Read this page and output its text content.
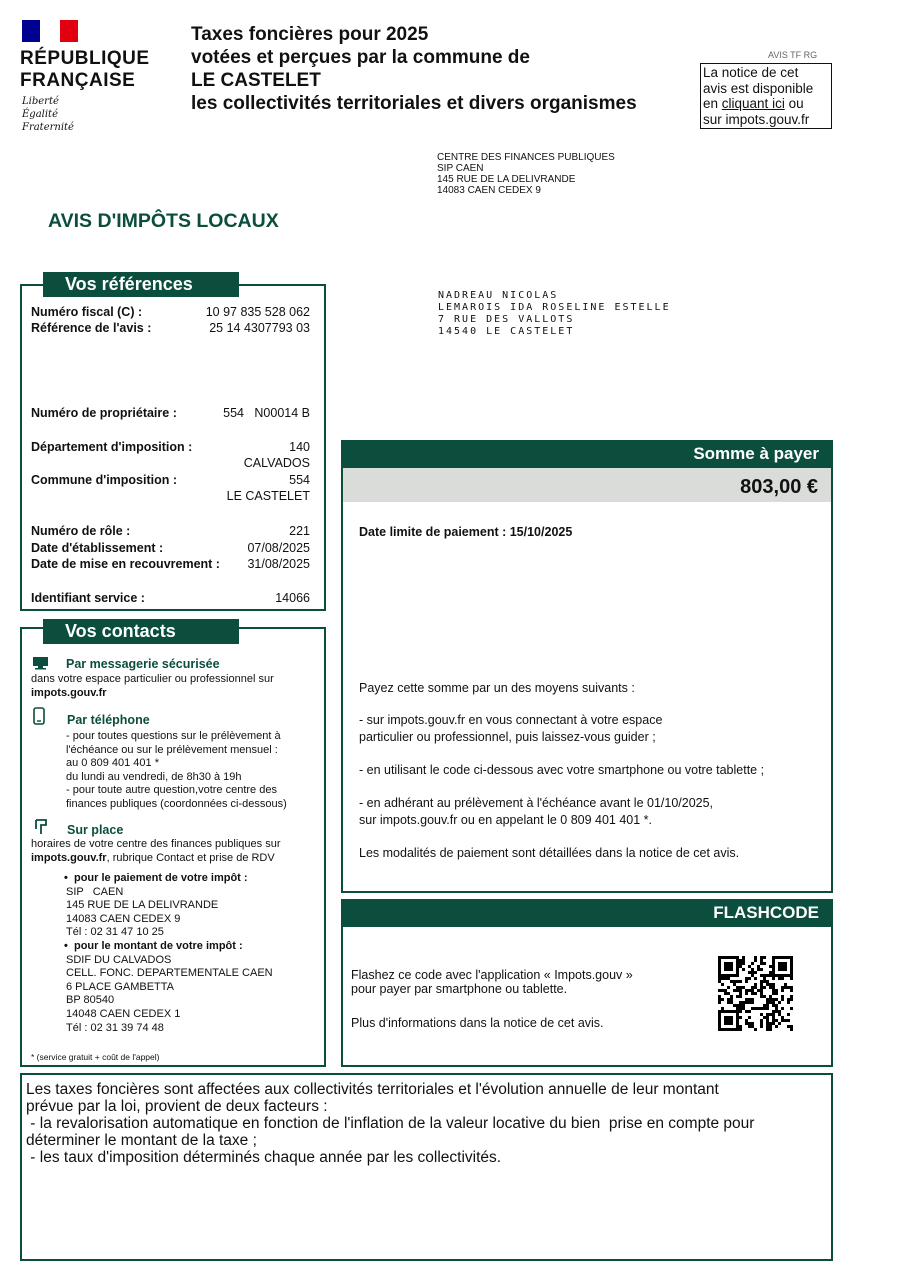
RÉPUBLIQUE
FRANÇAISE
Liberté
Égalité
Fraternité
Taxes foncières pour 2025
votées et perçues par la commune de
LE CASTELET
les collectivités territoriales et divers organismes
AVIS TF RG
La notice de cet
avis est disponible
en cliquant ici ou
sur impots.gouv.fr
CENTRE DES FINANCES PUBLIQUES
SIP CAEN
145 RUE DE LA DELIVRANDE
14083 CAEN CEDEX 9
AVIS D'IMPÔTS LOCAUX
NADREAU NICOLAS
LEMAROIS IDA ROSELINE ESTELLE
7 RUE DES VALLOTS
14540 LE CASTELET
Vos références
Numéro fiscal (C) :	10 97 835 528 062
Référence de l'avis :	25 14 4307793 03
Numéro de propriétaire :	554   N00014 B
Département d'imposition :	140
CALVADOS
Commune d'imposition :	554
LE CASTELET
Numéro de rôle :	221
Date d'établissement :	07/08/2025
Date de mise en recouvrement : 31/08/2025
Identifiant service :	14066
Vos contacts
Par messagerie sécurisée
dans votre espace particulier ou professionnel sur
impots.gouv.fr
Par téléphone
- pour toutes questions sur le prélèvement à
l'échéance ou sur le prélèvement mensuel :
au 0 809 401 401 *
du lundi au vendredi, de 8h30 à 19h
- pour toute autre question,votre centre des
finances publiques (coordonnées ci-dessous)
Sur place
horaires de votre centre des finances publiques sur
impots.gouv.fr, rubrique Contact et prise de RDV
•  pour le paiement de votre impôt :
SIP   CAEN
145 RUE DE LA DELIVRANDE
14083 CAEN CEDEX 9
Tél : 02 31 47 10 25
•  pour le montant de votre impôt :
SDIF DU CALVADOS
CELL. FONC. DEPARTEMENTALE CAEN
6 PLACE GAMBETTA
BP 80540
14048 CAEN CEDEX 1
Tél : 02 31 39 74 48
* (service gratuit + coût de l'appel)
Somme à payer
803,00 €
Date limite de paiement : 15/10/2025
Payez cette somme par un des moyens suivants :
- sur impots.gouv.fr en vous connectant à votre espace
particulier ou professionnel, puis laissez-vous guider ;
- en utilisant le code ci-dessous avec votre smartphone ou votre tablette ;
- en adhérant au prélèvement à l'échéance avant le 01/10/2025,
sur impots.gouv.fr ou en appelant le 0 809 401 401 *.
Les modalités de paiement sont détaillées dans la notice de cet avis.
FLASHCODE
Flashez ce code avec l'application « Impots.gouv »
pour payer par smartphone ou tablette.
Plus d'informations dans la notice de cet avis.
Les taxes foncières sont affectées aux collectivités territoriales et l'évolution annuelle de leur montant
prévue par la loi, provient de deux facteurs :
- la revalorisation automatique en fonction de l'inflation de la valeur locative du bien  prise en compte pour
déterminer le montant de la taxe ;
- les taux d'imposition déterminés chaque année par les collectivités.
